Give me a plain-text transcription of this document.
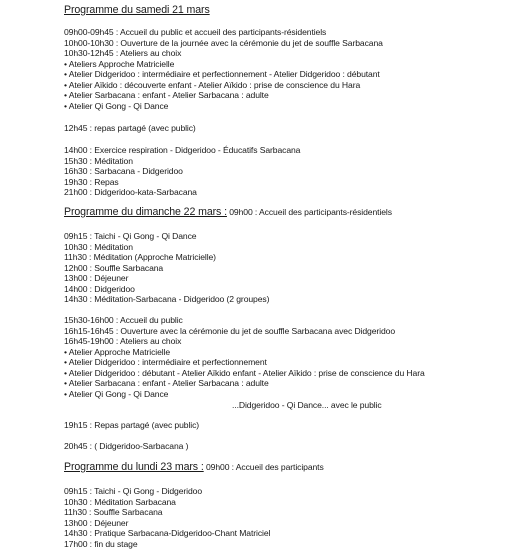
Programme du samedi 21 mars
09h00-09h45 : Accueil du public et accueil des participants-résidentiels
10h00-10h30 : Ouverture de la journée avec la cérémonie du jet de souffle Sarbacana
10h30-12h45 : Ateliers au choix
• Ateliers Approche Matricielle
• Atelier Didgeridoo : intermédiaire et perfectionnement - Atelier Didgeridoo : débutant
• Atelier Aïkido : découverte enfant - Atelier Aïkido : prise de conscience du Hara
• Atelier Sarbacana : enfant - Atelier Sarbacana : adulte
• Atelier Qi Gong - Qi Dance
12h45 : repas partagé (avec public)
14h00 : Exercice respiration - Didgeridoo - Éducatifs Sarbacana
15h30 : Méditation
16h30 : Sarbacana - Didgeridoo
19h30 : Repas
21h00 : Didgeridoo-kata-Sarbacana
Programme du dimanche 22 mars : 09h00 : Accueil des participants-résidentiels
09h15 : Taichi - Qi Gong - Qi Dance
10h30 : Méditation
11h30 : Méditation (Approche Matricielle)
12h00 : Souffle Sarbacana
13h00 : Déjeuner
14h00 : Didgeridoo
14h30 : Méditation-Sarbacana - Didgeridoo (2 groupes)
15h30-16h00 : Accueil du public
16h15-16h45 : Ouverture avec la cérémonie du jet de souffle Sarbacana avec Didgeridoo
16h45-19h00 : Ateliers au choix
• Atelier Approche Matricielle
• Atelier Didgeridoo : intermédiaire et perfectionnement
• Atelier Didgeridoo : débutant - Atelier Aïkido enfant - Atelier Aïkido : prise de conscience du Hara
• Atelier Sarbacana : enfant - Atelier Sarbacana : adulte
• Atelier Qi Gong - Qi Dance
...Didgeridoo - Qi Dance... avec le public
19h15 : Repas partagé (avec public)
20h45 : ( Didgeridoo-Sarbacana )
Programme du lundi 23 mars : 09h00 : Accueil des participants
09h15 : Taichi - Qi Gong - Didgeridoo
10h30 : Méditation Sarbacana
11h30 : Souffle Sarbacana
13h00 : Déjeuner
14h30 : Pratique Sarbacana-Didgeridoo-Chant Matriciel
17h00 : fin du stage
